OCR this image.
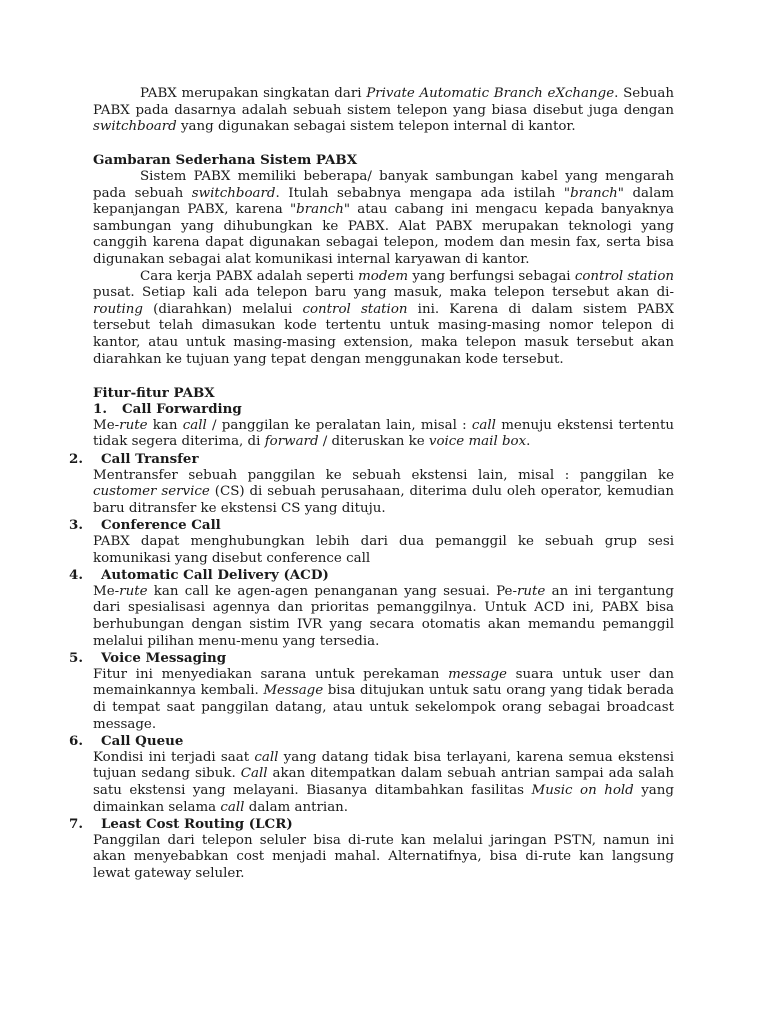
PABX merupakan singkatan dari Private Automatic Branch eXchange. Sebuah PABX pada dasarnya adalah sebuah sistem telepon yang biasa disebut juga dengan switchboard yang digunakan sebagai sistem telepon internal di kantor.

Gambaran Sederhana Sistem PABX

Sistem PABX memiliki beberapa/ banyak sambungan kabel yang mengarah pada sebuah switchboard. Itulah sebabnya mengapa ada istilah "branch" dalam kepanjangan PABX, karena "branch" atau cabang ini mengacu kepada banyaknya sambungan yang dihubungkan ke PABX. Alat PABX merupakan teknologi yang canggih karena dapat digunakan sebagai telepon, modem dan mesin fax, serta bisa digunakan sebagai alat komunikasi internal karyawan di kantor.

Cara kerja PABX adalah seperti modem yang berfungsi sebagai control station pusat. Setiap kali ada telepon baru yang masuk, maka telepon tersebut akan di-routing (diarahkan) melalui control station ini. Karena di dalam sistem PABX tersebut telah dimasukan kode tertentu untuk masing-masing nomor telepon di kantor, atau untuk masing-masing extension, maka telepon masuk tersebut akan diarahkan ke tujuan yang tepat dengan menggunakan kode tersebut.

Fitur-fitur PABX

1. Call Forwarding

Me-rute kan call / panggilan ke peralatan lain, misal : call menuju ekstensi tertentu tidak segera diterima, di forward / diteruskan ke voice mail box.

2. Call Transfer

Mentransfer sebuah panggilan ke sebuah ekstensi lain, misal : panggilan ke customer service (CS) di sebuah perusahaan, diterima dulu oleh operator, kemudian baru ditransfer ke ekstensi CS yang dituju.

3. Conference Call

PABX dapat menghubungkan lebih dari dua pemanggil ke sebuah grup sesi komunikasi yang disebut conference call

4. Automatic Call Delivery (ACD)

Me-rute kan call ke agen-agen penanganan yang sesuai. Pe-rute an ini tergantung dari spesialisasi agennya dan prioritas pemanggilnya. Untuk ACD ini, PABX bisa berhubungan dengan sistim IVR yang secara otomatis akan memandu pemanggil melalui pilihan menu-menu yang tersedia.

5. Voice Messaging

Fitur ini menyediakan sarana untuk perekaman message suara untuk user dan memainkannya kembali. Message bisa ditujukan untuk satu orang yang tidak berada di tempat saat panggilan datang, atau untuk sekelompok orang sebagai broadcast message.

6. Call Queue

Kondisi ini terjadi saat call yang datang tidak bisa terlayani, karena semua ekstensi tujuan sedang sibuk. Call akan ditempatkan dalam sebuah antrian sampai ada salah satu ekstensi yang melayani. Biasanya ditambahkan fasilitas Music on hold yang dimainkan selama call dalam antrian.

7. Least Cost Routing (LCR)

Panggilan dari telepon seluler bisa di-rute kan melalui jaringan PSTN, namun ini akan menyebabkan cost menjadi mahal. Alternatifnya, bisa di-rute kan langsung lewat gateway seluler.
